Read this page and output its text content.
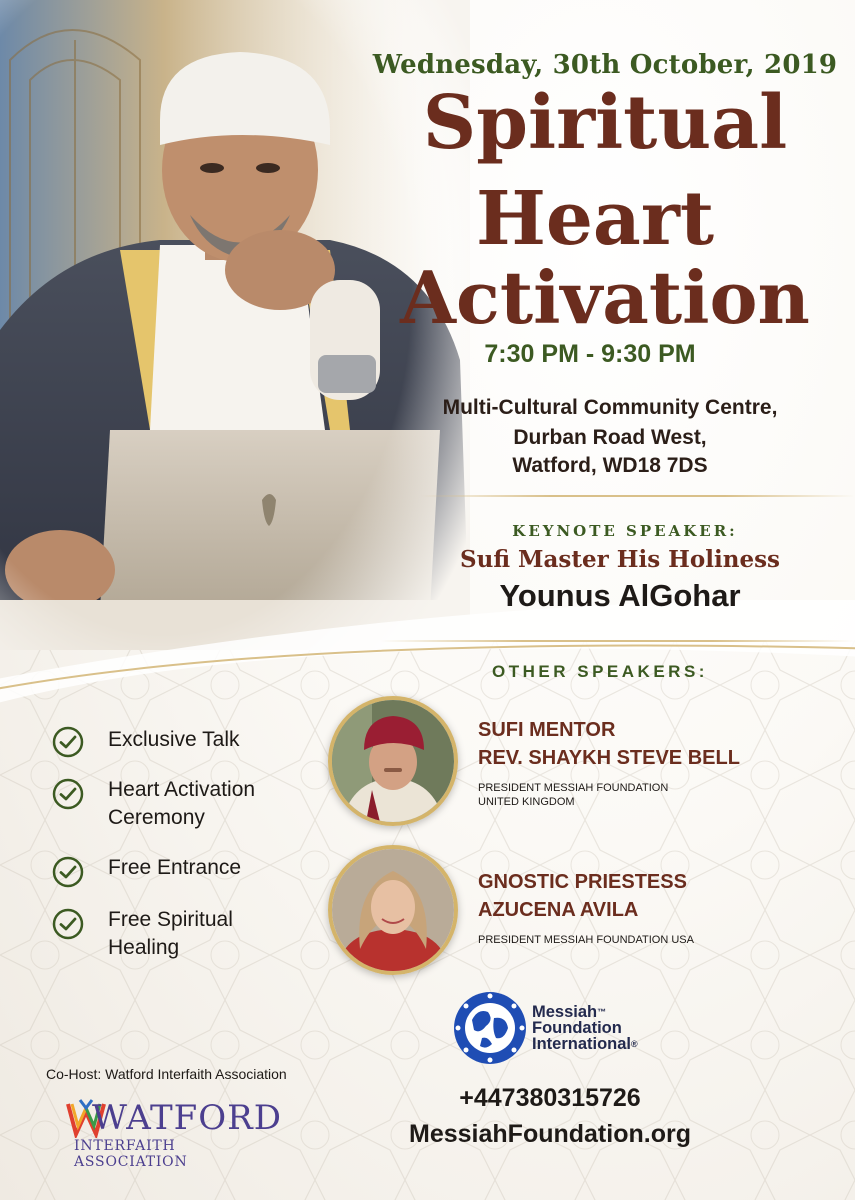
Wednesday, 30th October, 2019
Spiritual
Heart
Activation
7:30 PM - 9:30 PM
Multi-Cultural Community Centre,
Durban Road West,
Watford, WD18 7DS
KEYNOTE SPEAKER:
Sufi Master His Holiness
Younus AlGohar
OTHER SPEAKERS:
Exclusive Talk
Heart Activation
Ceremony
Free Entrance
Free Spiritual
Healing
SUFI MENTOR
REV. SHAYKH STEVE BELL
PRESIDENT MESSIAH FOUNDATION
UNITED KINGDOM
GNOSTIC PRIESTESS
AZUCENA AVILA
PRESIDENT MESSIAH FOUNDATION USA
Co-Host: Watford Interfaith Association
WATFORD
INTERFAITH ASSOCIATION
Messiah™
Foundation
International®
+447380315726
MessiahFoundation.org
